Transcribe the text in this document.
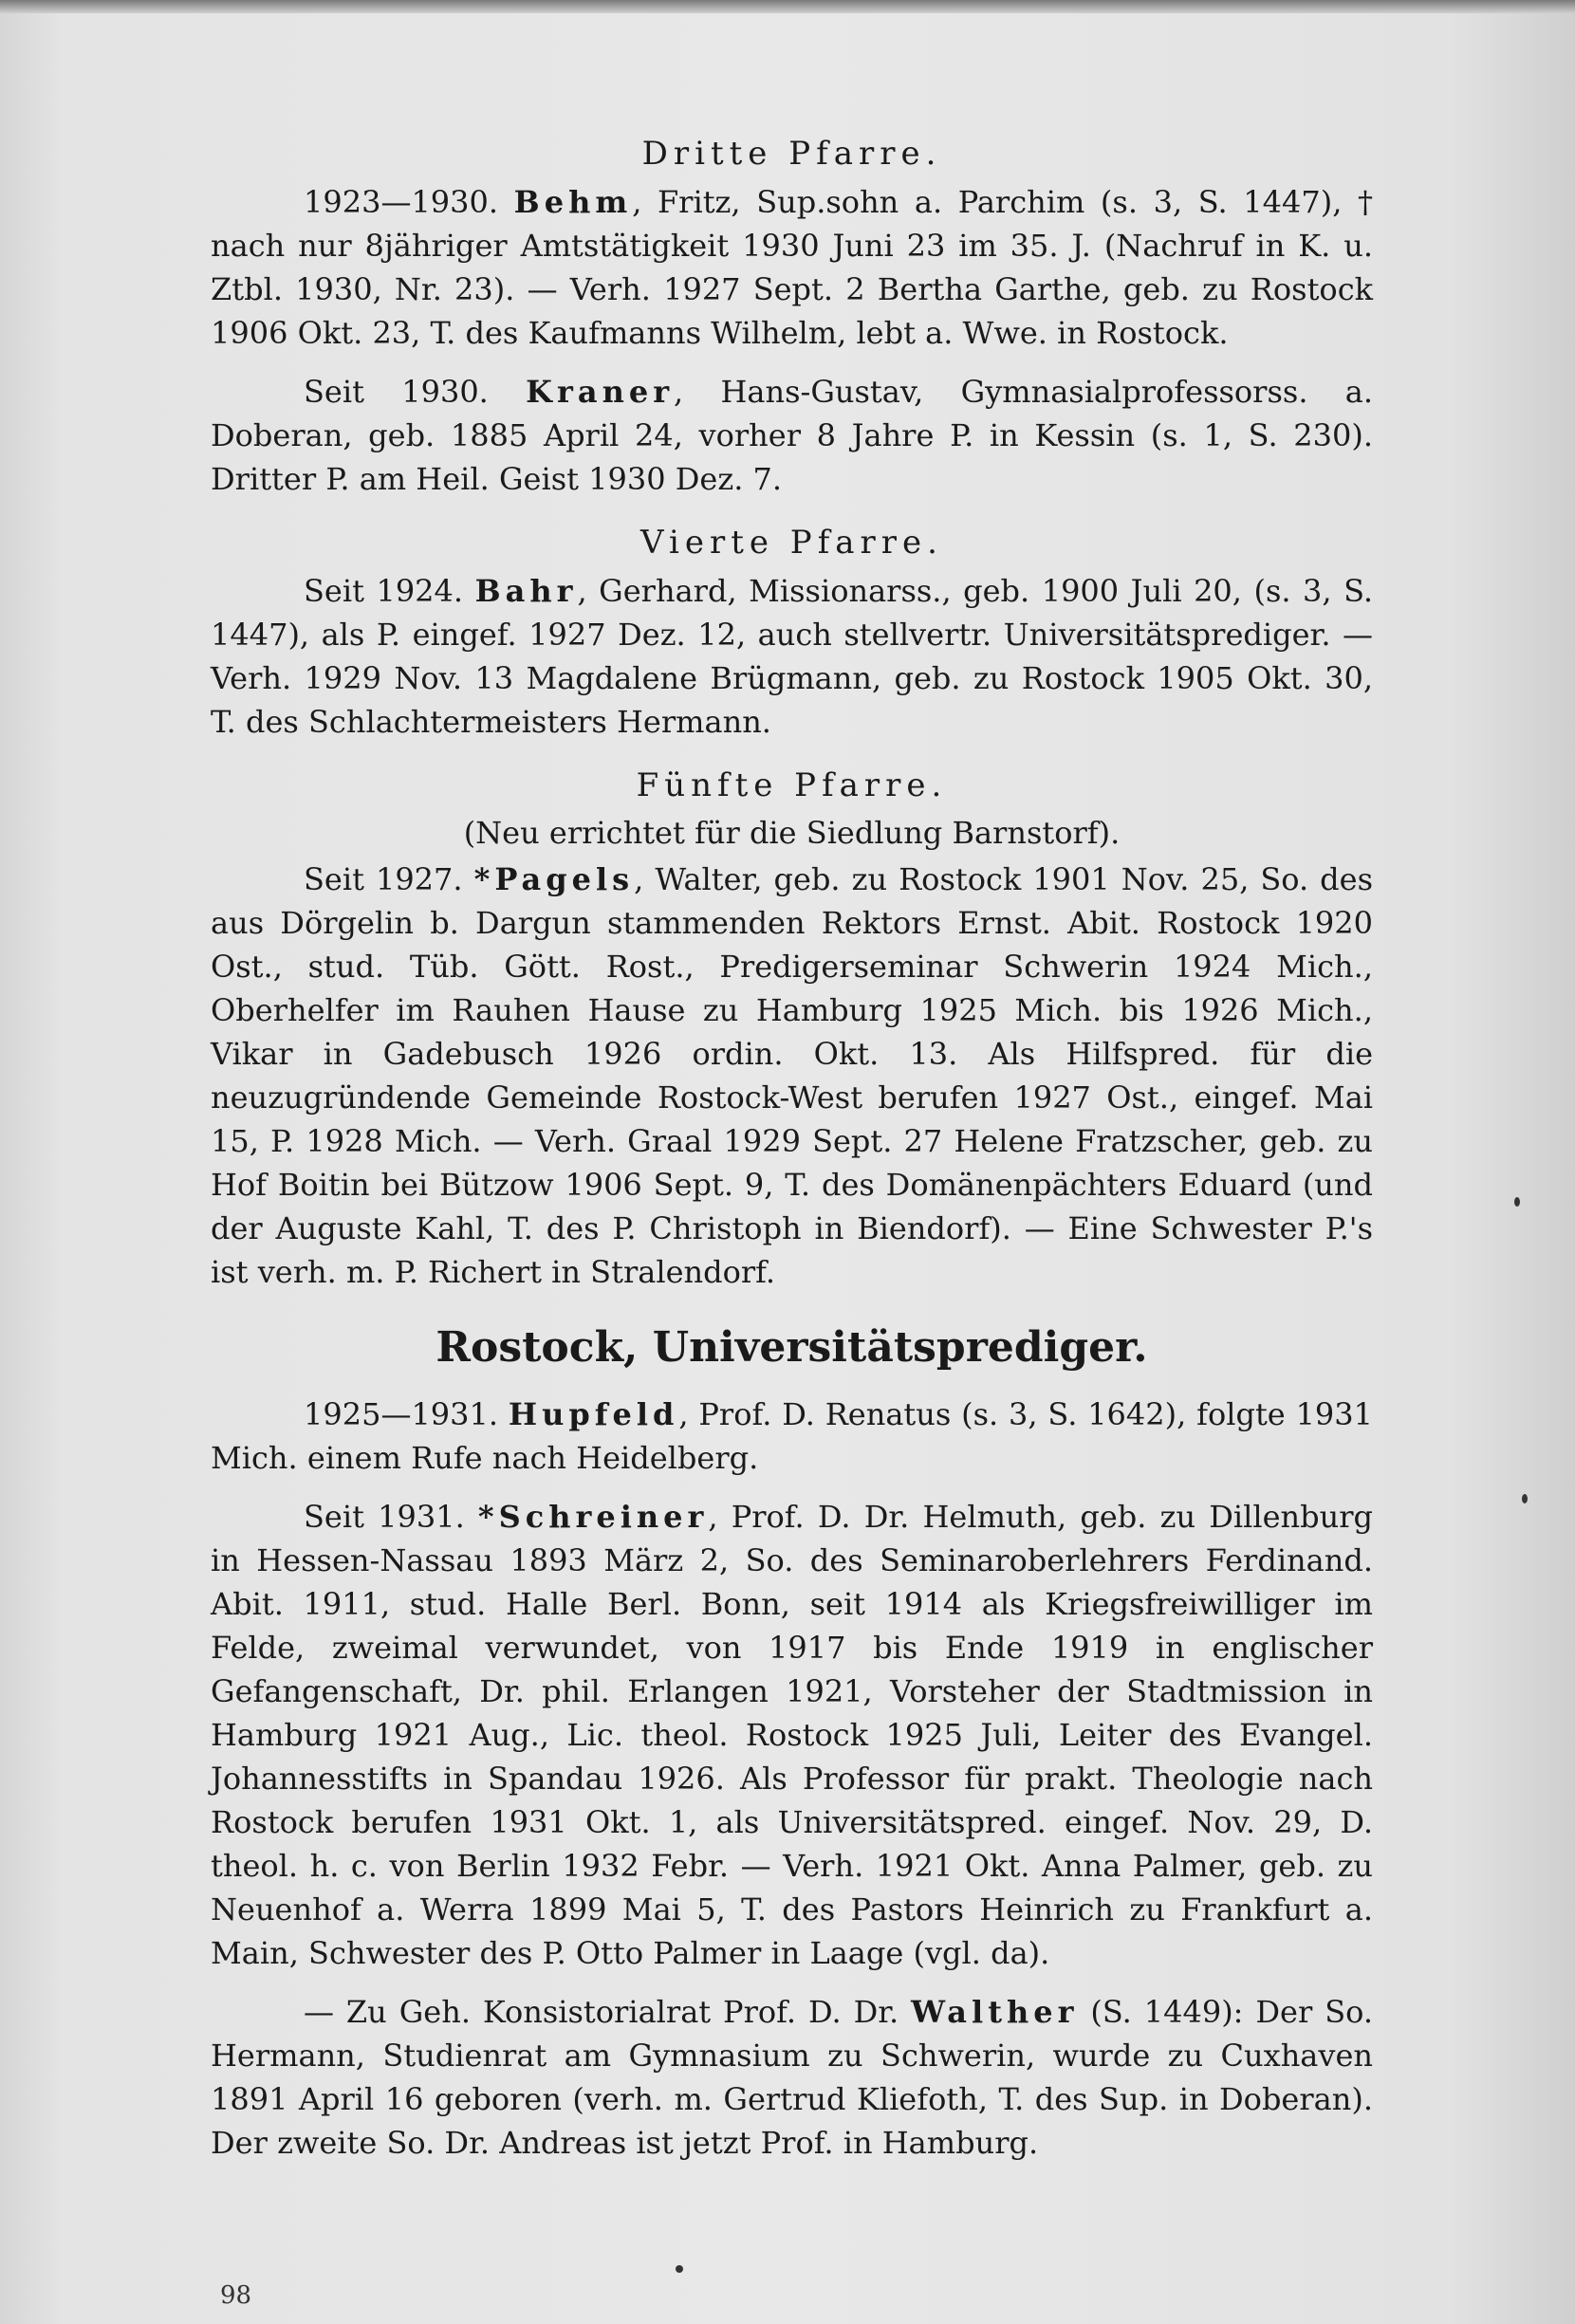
Dritte Pfarre.

1923—1930. Behm, Fritz, Sup.sohn a. Parchim (s. 3, S. 1447), † nach nur 8jähriger Amtstätigkeit 1930 Juni 23 im 35. J. (Nachruf in K. u. Ztbl. 1930, Nr. 23). — Verh. 1927 Sept. 2 Bertha Garthe, geb. zu Rostock 1906 Okt. 23, T. des Kaufmanns Wilhelm, lebt a. Wwe. in Rostock.

Seit 1930. Kraner, Hans-Gustav, Gymnasialprofessorss. a. Doberan, geb. 1885 April 24, vorher 8 Jahre P. in Kessin (s. 1, S. 230). Dritter P. am Heil. Geist 1930 Dez. 7.

Vierte Pfarre.

Seit 1924. Bahr, Gerhard, Missionarss., geb. 1900 Juli 20, (s. 3, S. 1447), als P. eingef. 1927 Dez. 12, auch stellvertr. Universitätsprediger. — Verh. 1929 Nov. 13 Magdalene Brügmann, geb. zu Rostock 1905 Okt. 30, T. des Schlachtermeisters Hermann.

Fünfte Pfarre.
(Neu errichtet für die Siedlung Barnstorf).

Seit 1927. *Pagels, Walter, geb. zu Rostock 1901 Nov. 25, So. des aus Dörgelin b. Dargun stammenden Rektors Ernst. Abit. Rostock 1920 Ost., stud. Tüb. Gött. Rost., Predigerseminar Schwerin 1924 Mich., Oberhelfer im Rauhen Hause zu Hamburg 1925 Mich. bis 1926 Mich., Vikar in Gadebusch 1926 ordin. Okt. 13. Als Hilfspred. für die neuzugründende Gemeinde Rostock-West berufen 1927 Ost., eingef. Mai 15, P. 1928 Mich. — Verh. Graal 1929 Sept. 27 Helene Fratzscher, geb. zu Hof Boitin bei Bützow 1906 Sept. 9, T. des Domänenpächters Eduard (und der Auguste Kahl, T. des P. Christoph in Biendorf). — Eine Schwester P.'s ist verh. m. P. Richert in Stralendorf.

Rostock, Universitätsprediger.

1925—1931. Hupfeld, Prof. D. Renatus (s. 3, S. 1642), folgte 1931 Mich. einem Rufe nach Heidelberg.

Seit 1931. *Schreiner, Prof. D. Dr. Helmuth, geb. zu Dillenburg in Hessen-Nassau 1893 März 2, So. des Seminaroberlehrers Ferdinand. Abit. 1911, stud. Halle Berl. Bonn, seit 1914 als Kriegsfreiwilliger im Felde, zweimal verwundet, von 1917 bis Ende 1919 in englischer Gefangenschaft, Dr. phil. Erlangen 1921, Vorsteher der Stadtmission in Hamburg 1921 Aug., Lic. theol. Rostock 1925 Juli, Leiter des Evangel. Johannesstifts in Spandau 1926. Als Professor für prakt. Theologie nach Rostock berufen 1931 Okt. 1, als Universitätspred. eingef. Nov. 29, D. theol. h. c. von Berlin 1932 Febr. — Verh. 1921 Okt. Anna Palmer, geb. zu Neuenhof a. Werra 1899 Mai 5, T. des Pastors Heinrich zu Frankfurt a. Main, Schwester des P. Otto Palmer in Laage (vgl. da).

— Zu Geh. Konsistorialrat Prof. D. Dr. Walther (S. 1449): Der So. Hermann, Studienrat am Gymnasium zu Schwerin, wurde zu Cuxhaven 1891 April 16 geboren (verh. m. Gertrud Kliefoth, T. des Sup. in Doberan). Der zweite So. Dr. Andreas ist jetzt Prof. in Hamburg.

98
